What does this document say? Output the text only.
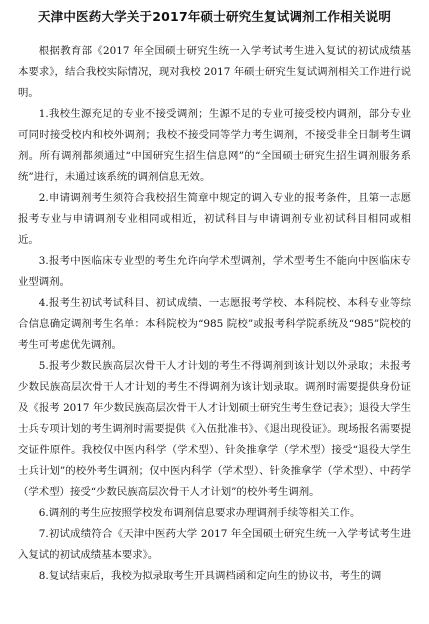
天津中医药大学关于2017年硕士研究生复试调剂工作相关说明

根据教育部《2017 年全国硕士研究生统一入学考试考生进入复试的初试成绩基本要求》，结合我校实际情况，现对我校 2017 年硕士研究生复试调剂相关工作进行说明。

1.我校生源充足的专业不接受调剂；生源不足的专业可接受校内调剂，部分专业可同时接受校内和校外调剂；我校不接受同等学力考生调剂，不接受非全日制考生调剂。所有调剂都须通过“中国研究生招生信息网”的“全国硕士研究生招生调剂服务系统”进行，未通过该系统的调剂信息无效。

2.申请调剂考生须符合我校招生简章中规定的调入专业的报考条件，且第一志愿报考专业与申请调剂专业相同或相近，初试科目与申请调剂专业初试科目相同或相近。

3.报考中医临床专业型的考生允许向学术型调剂，学术型考生不能向中医临床专业型调剂。

4.报考生初试考试科目、初试成绩、一志愿报考学校、本科院校、本科专业等综合信息确定调剂考生名单：本科院校为“985 院校”或报考科学院系统及“985”院校的考生可考虑优先调剂。

5.报考少数民族高层次骨干人才计划的考生不得调剂到该计划以外录取；未报考少数民族高层次骨干人才计划的考生不得调剂为该计划录取。调剂时需要提供身份证及《报考 2017 年少数民族高层次骨干人才计划硕士研究生考生登记表》；退役大学生士兵专项计划的考生调剂时需要提供《入伍批准书》、《退出现役证》。现场报名需要提交证件原件。我校仅中医内科学（学术型）、针灸推拿学（学术型）接受“退役大学生士兵计划”的校外考生调剂；仅中医内科学（学术型）、针灸推拿学（学术型）、中药学（学术型）接受“少数民族高层次骨干人才计划”的校外考生调剂。

6.调剂的考生应按照学校发布调剂信息要求办理调剂手续等相关工作。

7.初试成绩符合《天津中医药大学 2017 年全国硕士研究生统一入学考试考生进入复试的初试成绩基本要求》。

8.复试结束后，我校为拟录取考生开具调档函和定向生的协议书，考生的调
